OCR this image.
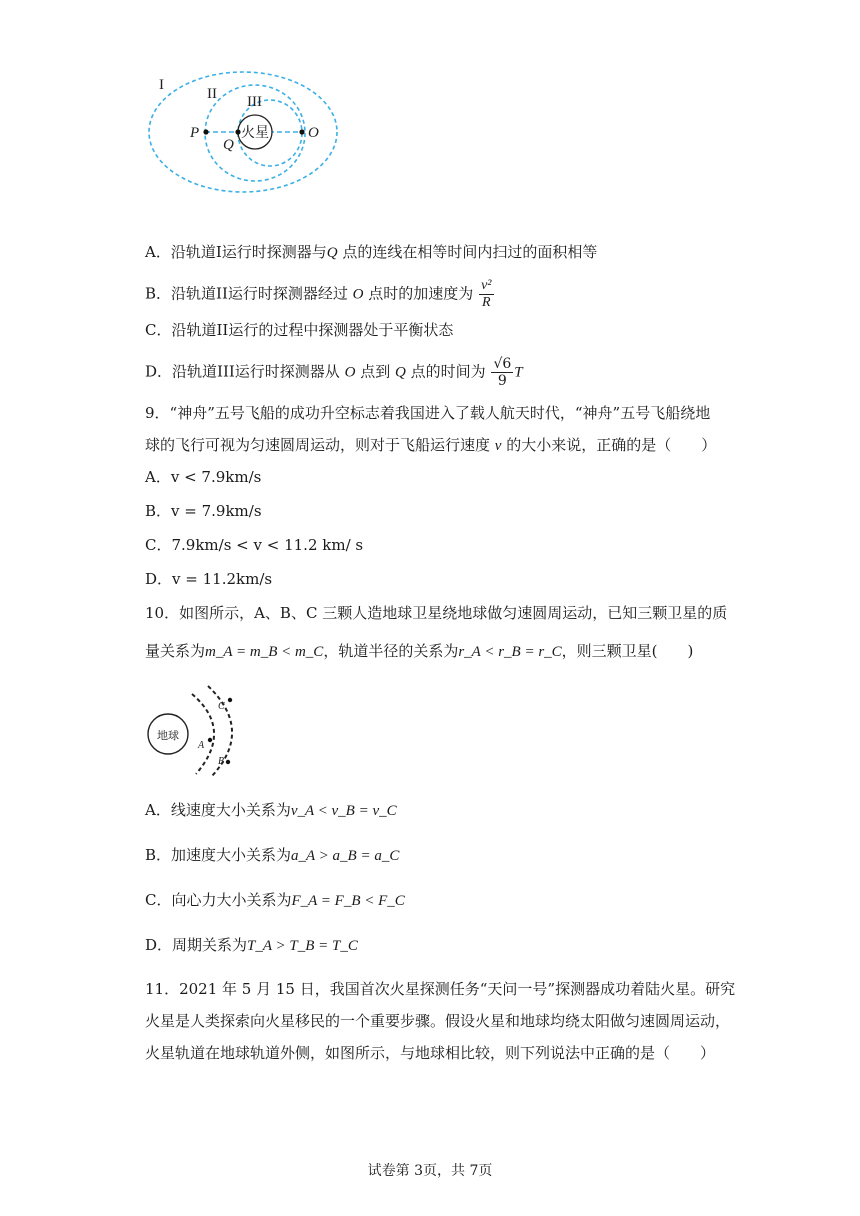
火星
I
II III
P
Q
O
A．沿轨道I运行时探测器与Q 点的连线在相等时间内扫过的面积相等
B．沿轨道II运行时探测器经过 O 点时的加速度为 $\frac{\text{v²}}{R}$
C．沿轨道II运行的过程中探测器处于平衡状态
D．沿轨道III运行时探测器从 O 点到 Q 点的时间为 $\frac{√6}{9}$ T
9．“神舟”五号飞船的成功升空标志着我国进入了载人航天时代，“神舟”五号飞船绕地
球的飞行可视为匀速圆周运动，则对于飞船运行速度 v 的大小来说，正确的是（　　）
A．v < 7.9km/s
B．v = 7.9km/s
C．7.9km/s < v < 11.2 km/ s
D．v = 11.2km/s
10．如图所示，A、B、C 三颗人造地球卫星绕地球做匀速圆周运动，已知三颗卫星的质
量关系为m_A = m_B < m_C，轨道半径的关系为r_A < r_B = r_C，则三颗卫星(　　)
地球
A
B
C
A．线速度大小关系为v_A < v_B = v_C
B．加速度大小关系为a_A > a_B = a_C
C．向心力大小关系为F_A = F_B < F_C
D．周期关系为T_A > T_B = T_C
11．2021 年 5 月 15 日，我国首次火星探测任务“天问一号”探测器成功着陆火星。研究
火星是人类探索向火星移民的一个重要步骤。假设火星和地球均绕太阳做匀速圆周运动，
火星轨道在地球轨道外侧，如图所示，与地球相比较，则下列说法中正确的是（　　）
试卷第 3页，共 7页
